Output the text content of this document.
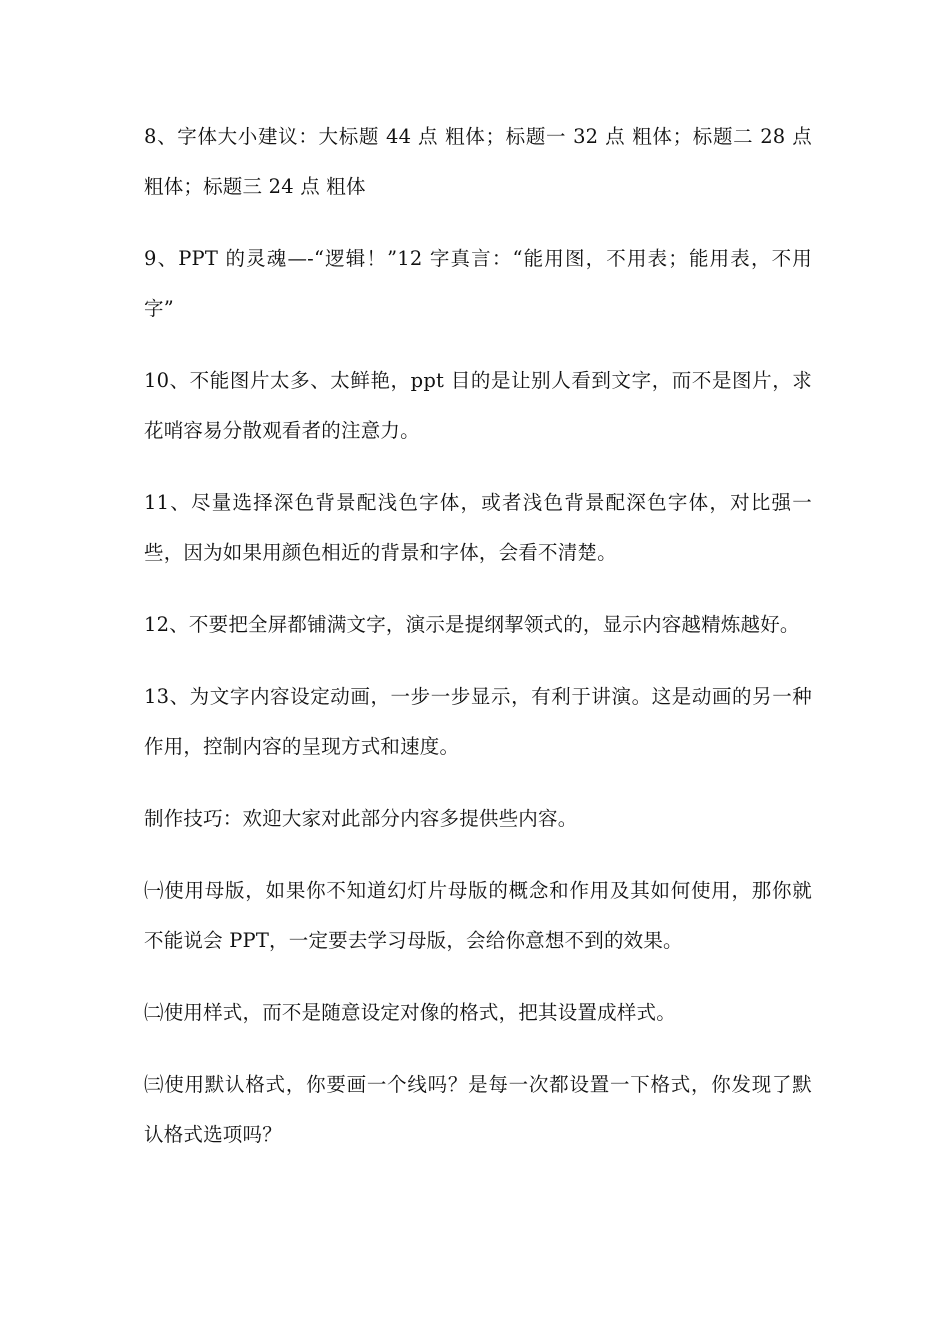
8、字体大小建议：大标题 44 点 粗体；标题一 32 点 粗体；标题二 28 点 粗体；标题三 24 点 粗体

9、PPT 的灵魂—-“逻辑！”12 字真言：“能用图，不用表；能用表，不用字”

10、不能图片太多、太鲜艳，ppt 目的是让别人看到文字，而不是图片，求花哨容易分散观看者的注意力。

11、尽量选择深色背景配浅色字体，或者浅色背景配深色字体，对比强一些，因为如果用颜色相近的背景和字体，会看不清楚。

12、不要把全屏都铺满文字，演示是提纲挈领式的，显示内容越精炼越好。

13、为文字内容设定动画，一步一步显示，有利于讲演。这是动画的另一种作用，控制内容的呈现方式和速度。

制作技巧：欢迎大家对此部分内容多提供些内容。

㈠使用母版，如果你不知道幻灯片母版的概念和作用及其如何使用，那你就不能说会 PPT，一定要去学习母版，会给你意想不到的效果。

㈡使用样式，而不是随意设定对像的格式，把其设置成样式。

㈢使用默认格式，你要画一个线吗？是每一次都设置一下格式，你发现了默认格式选项吗？
